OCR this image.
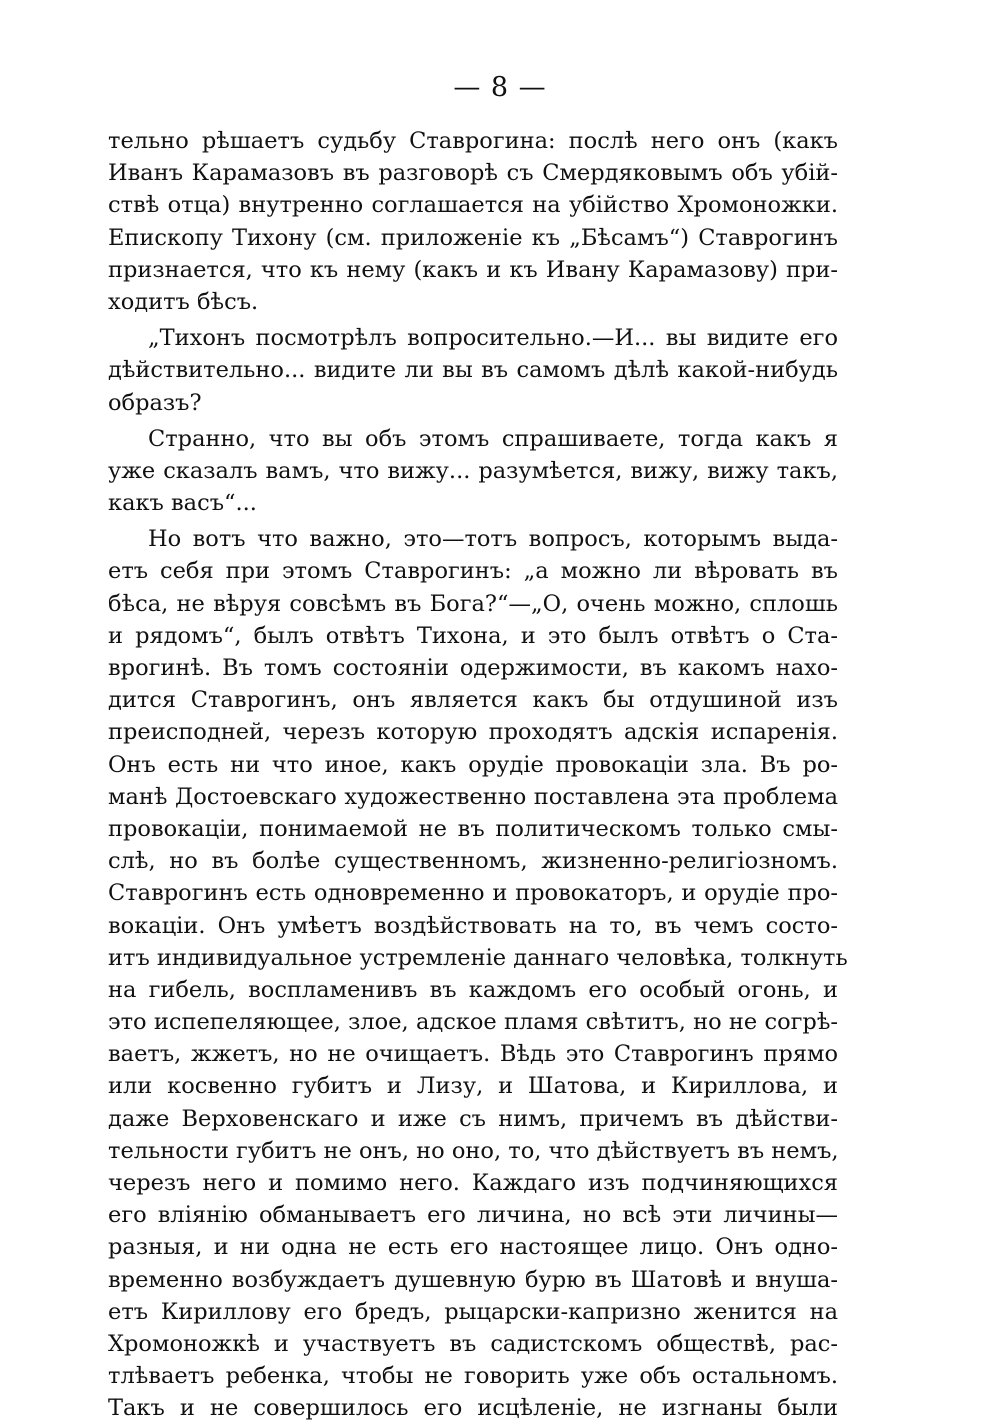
— 8 —
тельно рѣшаетъ судьбу Ставрогина: послѣ него онъ (какъ
Иванъ Карамазовъ въ разговорѣ съ Смердяковымъ объ убій-
ствѣ отца) внутренно соглашается на убійство Хромоножки.
Епископу Тихону (см. приложеніе къ „Бѣсамъ“) Ставрогинъ
признается, что къ нему (какъ и къ Ивану Карамазову) при-
ходитъ бѣсъ.
„Тихонъ посмотрѣлъ вопросительно.—И... вы видите его
дѣйствительно... видите ли вы въ самомъ дѣлѣ какой-нибудь
образъ?
Странно, что вы объ этомъ спрашиваете, тогда какъ я
уже сказалъ вамъ, что вижу... разумѣется, вижу, вижу такъ,
какъ васъ“...
Но вотъ что важно, это—тотъ вопросъ, которымъ выда-
етъ себя при этомъ Ставрогинъ: „а можно ли вѣровать въ
бѣса, не вѣруя совсѣмъ въ Бога?“—„О, очень можно, сплошь
и рядомъ“, былъ отвѣтъ Тихона, и это былъ отвѣтъ о Ста-
врогинѣ. Въ томъ состояніи одержимости, въ какомъ нахо-
дится Ставрогинъ, онъ является какъ бы отдушиной изъ
преисподней, черезъ которую проходятъ адскія испаренія.
Онъ есть ни что иное, какъ орудіе провокаціи зла. Въ ро-
манѣ Достоевскаго художественно поставлена эта проблема
провокаціи, понимаемой не въ политическомъ только смы-
слѣ, но въ болѣе существенномъ, жизненно-религіозномъ.
Ставрогинъ есть одновременно и провокаторъ, и орудіе про-
вокаціи. Онъ умѣетъ воздѣйствовать на то, въ чемъ состо-
итъ индивидуальное устремленіе даннаго человѣка, толкнуть
на гибель, воспламенивъ въ каждомъ его особый огонь, и
это испепеляющее, злое, адское пламя свѣтитъ, но не согрѣ-
ваетъ, жжетъ, но не очищаетъ. Вѣдь это Ставрогинъ прямо
или косвенно губитъ и Лизу, и Шатова, и Кириллова, и
даже Верховенскаго и иже съ нимъ, причемъ въ дѣйстви-
тельности губитъ не онъ, но оно, то, что дѣйствуетъ въ немъ,
черезъ него и помимо него. Каждаго изъ подчиняющихся
его вліянію обманываетъ его личина, но всѣ эти личины—
разныя, и ни одна не есть его настоящее лицо. Онъ одно-
временно возбуждаетъ душевную бурю въ Шатовѣ и внуша-
етъ Кириллову его бредъ, рыцарски-капризно женится на
Хромоножкѣ и участвуетъ въ садистскомъ обществѣ, рас-
тлѣваетъ ребенка, чтобы не говорить уже объ остальномъ.
Такъ и не совершилось его исцѣленіе, не изгнаны были
